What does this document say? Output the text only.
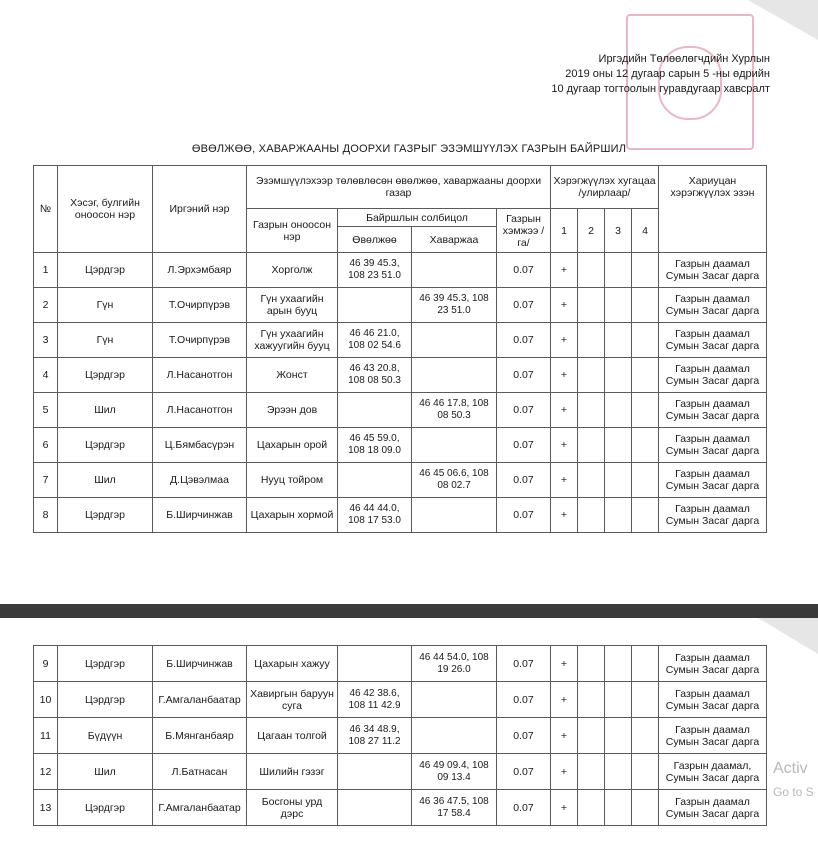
Иргэдийн Төлөөлөгчдийн Хурлын
2019 оны 12 дугаар сарын 5 -ны өдрийн
10 дугаар тогтоолын гуравдугаар хавсралт
ӨВӨЛЖӨӨ, ХАВАРЖААНЫ ДООРХИ ГАЗРЫГ ЭЗЭМШҮҮЛЭХ ГАЗРЫН БАЙРШИЛ
№	Хэсэг, булгийн оноосон нэр	Иргэний нэр	Эзэмшүүлэхээр төлөвлөсөн өвөлжөө, хаваржааны доорхи газар				Хэрэгжүүлэх хугацаа /улирлаар/				Хариуцан хэрэгжүүлэх эзэн
			Газрын оноосон нэр	Байршлын солбицол		Газрын хэмжээ /га/	1	2	3	4	
				Өвөлжөө	Хаваржаа						
1	Цэрдгэр	Л.Эрхэмбаяр	Хорголж	46 39 45.3, 108 23 51.0		0.07	+				Газрын даамал
Сумын Засаг дарга

2	Гүн	Т.Очирпүрэв	Гүн ухаагийн арын бууц		46 39 45.3, 108 23 51.0	0.07	+				Газрын даамал
Сумын Засаг дарга

3	Гүн	Т.Очирпүрэв	Гүн ухаагийн хажуугийн бууц	46 46 21.0, 108 02 54.6		0.07	+				Газрын даамал
Сумын Засаг дарга

4	Цэрдгэр	Л.Насанотгон	Жонст	46 43 20.8, 108 08 50.3		0.07	+				Газрын даамал
Сумын Засаг дарга

5	Шил	Л.Насанотгон	Эрээн дов		46 46 17.8, 108 08 50.3	0.07	+				Газрын даамал
Сумын Засаг дарга

6	Цэрдгэр	Ц.Бямбасүрэн	Цахарын орой	46 45 59.0, 108 18 09.0		0.07	+				Газрын даамал
Сумын Засаг дарга

7	Шил	Д.Цэвэлмаа	Нууц тойром		46 45 06.6, 108 08 02.7	0.07	+				Газрын даамал
Сумын Засаг дарга

8	Цэрдгэр	Б.Ширчинжав	Цахарын хормой	46 44 44.0, 108 17 53.0		0.07	+				Газрын даамал
Сумын Засаг дарга
9	Цэрдгэр	Б.Ширчинжав	Цахарын хажуу		46 44 54.0, 108 19 26.0	0.07	+				Газрын даамал
Сумын Засаг дарга

10	Цэрдгэр	Г.Амгаланбаатар	Хавиргын баруун суга	46 42 38.6, 108 11 42.9		0.07	+				Газрын даамал
Сумын Засаг дарга

11	Бүдүүн	Б.Мянганбаяр	Цагаан толгой	46 34 48.9, 108 27 11.2		0.07	+				Газрын даамал
Сумын Засаг дарга

12	Шил	Л.Батнасан	Шилийн гэзэг		46 49 09.4, 108 09 13.4	0.07	+				Газрын даамал,
Сумын Засаг дарга

13	Цэрдгэр	Г.Амгаланбаатар	Босгоны урд дэрс		46 36 47.5, 108 17 58.4	0.07	+				Газрын даамал
Сумын Засаг дарга
Activ
Go to S
